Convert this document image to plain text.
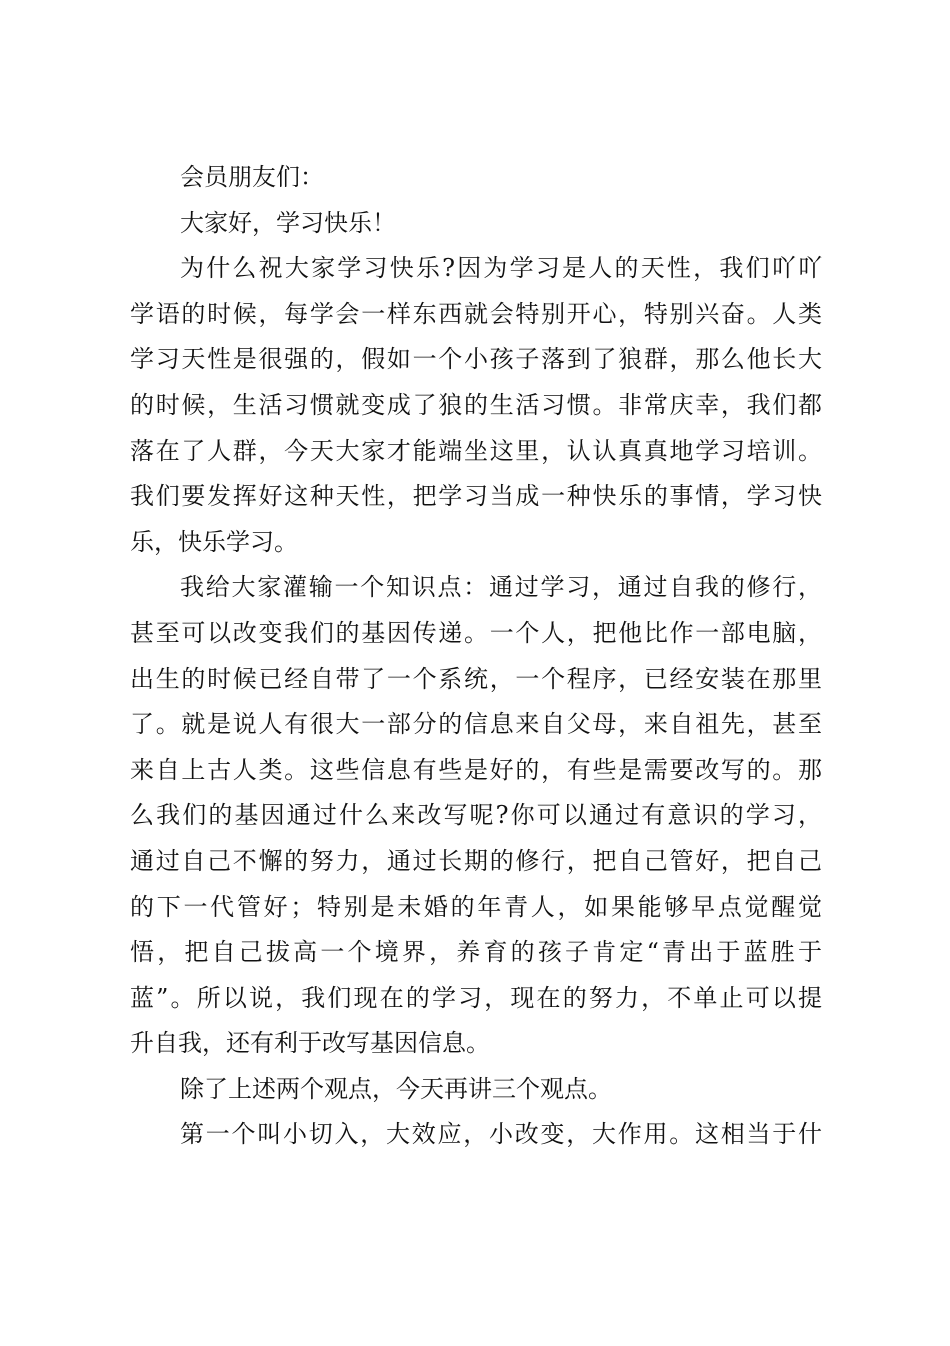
会员朋友们：
大家好，学习快乐！
为什么祝大家学习快乐?因为学习是人的天性，我们吖吖
学语的时候，每学会一样东西就会特别开心，特别兴奋。人类
学习天性是很强的，假如一个小孩子落到了狼群，那么他长大
的时候，生活习惯就变成了狼的生活习惯。非常庆幸，我们都
落在了人群，今天大家才能端坐这里，认认真真地学习培训。
我们要发挥好这种天性，把学习当成一种快乐的事情，学习快
乐，快乐学习。
我给大家灌输一个知识点：通过学习，通过自我的修行，
甚至可以改变我们的基因传递。一个人，把他比作一部电脑，
出生的时候已经自带了一个系统，一个程序，已经安装在那里
了。就是说人有很大一部分的信息来自父母，来自祖先，甚至
来自上古人类。这些信息有些是好的，有些是需要改写的。那
么我们的基因通过什么来改写呢?你可以通过有意识的学习，
通过自己不懈的努力，通过长期的修行，把自己管好，把自己
的下一代管好；特别是未婚的年青人，如果能够早点觉醒觉
悟，把自己拔高一个境界，养育的孩子肯定“青出于蓝胜于
蓝”。所以说，我们现在的学习，现在的努力，不单止可以提
升自我，还有利于改写基因信息。
除了上述两个观点，今天再讲三个观点。
第一个叫小切入，大效应，小改变，大作用。这相当于什
